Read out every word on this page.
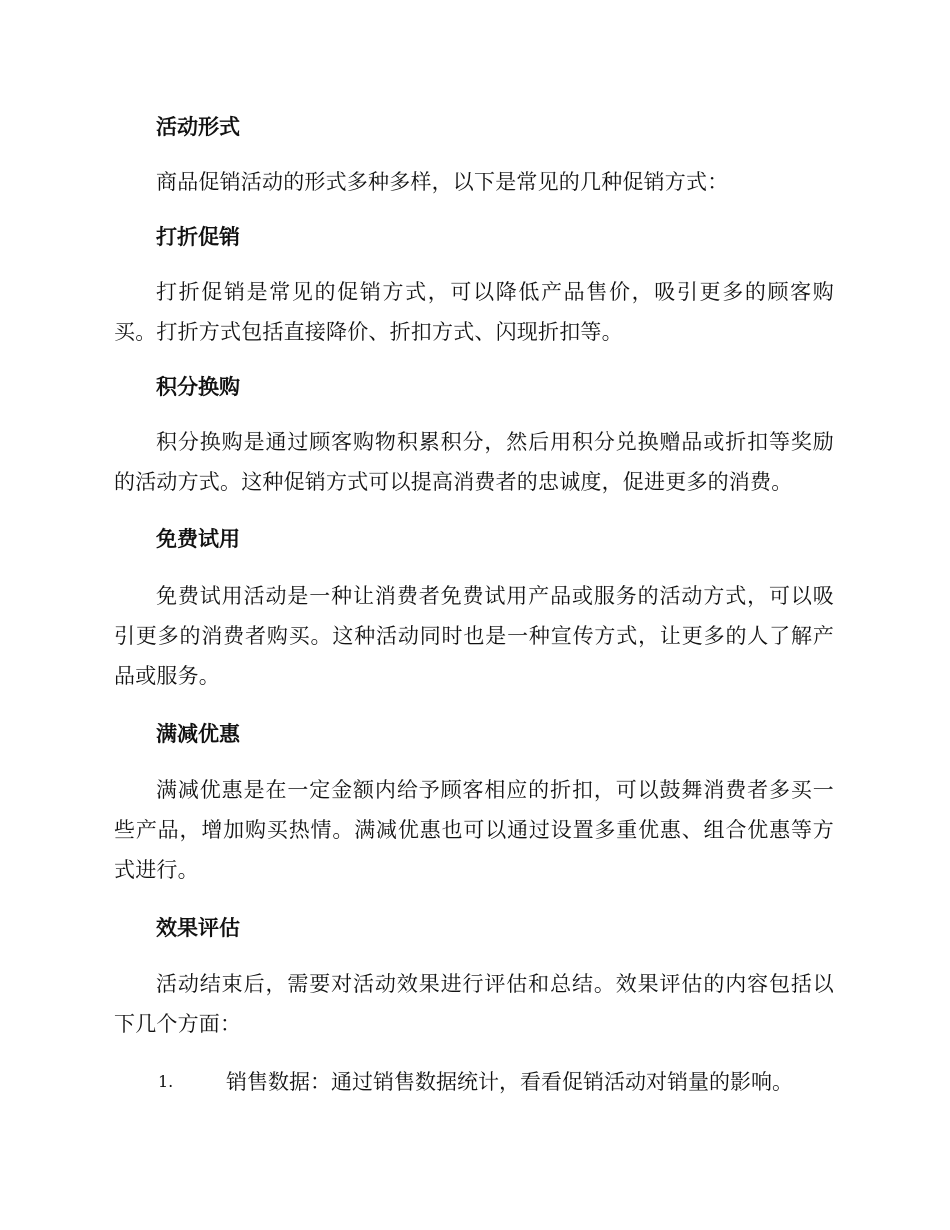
活动形式
商品促销活动的形式多种多样，以下是常见的几种促销方式：
打折促销
打折促销是常见的促销方式，可以降低产品售价，吸引更多的顾客购买。打折方式包括直接降价、折扣方式、闪现折扣等。
积分换购
积分换购是通过顾客购物积累积分，然后用积分兑换赠品或折扣等奖励的活动方式。这种促销方式可以提高消费者的忠诚度，促进更多的消费。
免费试用
免费试用活动是一种让消费者免费试用产品或服务的活动方式，可以吸引更多的消费者购买。这种活动同时也是一种宣传方式，让更多的人了解产品或服务。
满减优惠
满减优惠是在一定金额内给予顾客相应的折扣，可以鼓舞消费者多买一些产品，增加购买热情。满减优惠也可以通过设置多重优惠、组合优惠等方式进行。
效果评估
活动结束后，需要对活动效果进行评估和总结。效果评估的内容包括以下几个方面：
1.	销售数据：通过销售数据统计，看看促销活动对销量的影响。
